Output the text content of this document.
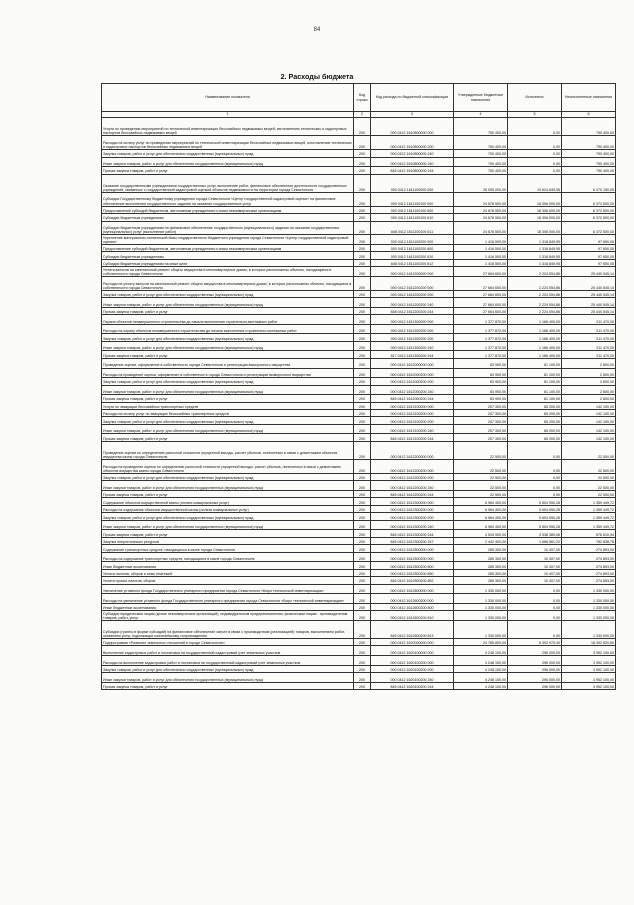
84
2. Расходы бюджета
Наименование показателя	Код строки	Код расхода по бюджетной классификации	Утвержденные бюджетные назначения	Исполнено	Неисполненные назначения
1	2	3	4	5	6
Услуги по проведению мероприятий по технической инвентаризации бесхозяйных недвижимых вещей, изготовлению технических и кадастровых паспортов бесхозяйных недвижимых вещей	200	000 0412 1610800000 000	750 400,00	0,00	750 400,00
Расходы на оплату услуг по проведению мероприятий по технической инвентаризации бесхозяйных недвижимых вещей, изготовлению технических и кадастровых паспортов бесхозяйных недвижимых вещей	200	000 0412 1610800000 200	750 400,00	0,00	750 400,00
Закупка товаров, работ и услуг для обеспечения государственных (муниципальных) нужд	200	000 0412 1610800000 240	750 400,00	0,00	750 400,00
Иные закупки товаров, работ и услуг для обеспечения государственных (муниципальных) нужд	200	000 0412 1610800000 240	750 400,00	0,00	750 400,00
Прочая закупка товаров, работ и услуг	200	845 0412 1610800000 244	750 400,00	0,00	750 400,00
Оказание государственными учреждениями государственных услуг, выполнение работ, финансовое обеспечение деятельности государственных учреждений, связанных с государственной кадастровой оценкой объектов недвижимости на территории города Севастополя	200	000 0412 1611100000 000	26 095 000,00	19 624 849,95	6 470 150,05
Субсидия Государственному бюджетному учреждению города Севастополя «Центр государственной кадастровой оценки» на финансовое обеспечение выполнения государственного задания на оказание государственных услуг	200	000 0412 1611100100 000	24 678 500,00	18 306 000,00	6 372 500,00
Предоставление субсидий бюджетным, автономным учреждениям и иным некоммерческим организациям	200	000 0412 1611100100 600	24 678 500,00	18 306 000,00	6 372 500,00
Субсидии бюджетным учреждениям	200	000 0412 1611100100 610	24 678 500,00	18 306 000,00	6 372 500,00
Субсидии бюджетным учреждениям на финансовое обеспечение государственного (муниципального) задания на оказание государственных (муниципальных) услуг (выполнение работ)	200	848 0412 1611100100 611	24 678 500,00	18 306 000,00	6 372 500,00
Укрепление материально-технической базы государственного бюджетного учреждения города Севастополя «Центр государственной кадастровой оценки»	200	000 0412 1611100200 000	1 416 500,00	1 318 849,95	97 650,05
Предоставление субсидий бюджетным, автономным учреждениям и иным некоммерческим организациям	200	000 0412 1611100200 600	1 416 500,00	1 318 849,95	97 650,05
Субсидии бюджетным учреждениям	200	000 0412 1611100200 610	1 416 500,00	1 318 849,95	97 650,05
Субсидии бюджетным учреждениям на иные цели	200	848 0412 1611100200 612	1 416 500,00	1 318 849,95	97 650,05
Уплата взносов на капитальный ремонт общего имущества в многоквартирных домах, в которых расположены объекты, находящиеся в собственности города Севастополя	200	000 0412 1611200000 000	27 664 600,00	2 224 054,86	25 440 545,14
Расходы на уплату взносов на капитальный ремонт общего имущества в многоквартирных домах, в которых расположены объекты, находящиеся в собственности города Севастополя	200	000 0412 1611200200 000	27 664 600,00	2 224 054,86	25 440 545,14
Закупка товаров, работ и услуг для обеспечения государственных (муниципальных) нужд	200	000 0412 1611200200 200	27 664 600,00	2 224 054,86	25 440 545,14
Иные закупки товаров, работ и услуг для обеспечения государственных (муниципальных) нужд	200	000 0412 1611200200 240	27 664 600,00	2 224 054,86	25 440 545,14
Прочая закупка товаров, работ и услуг	200	848 0412 1611200200 244	27 664 600,00	2 224 054,86	25 440 545,14
Охрана объектов незавершенного строительства до начала выполнения строительно-монтажных работ	200	000 0412 1611300000 000	1 377 870,00	1 166 400,00	211 470,00
Расходы на охрану объектов незавершенного строительства до начала выполнения строительно-монтажных работ	200	000 0412 1611300200 000	1 377 870,00	1 166 400,00	211 470,00
Закупка товаров, работ и услуг для обеспечения государственных (муниципальных) нужд	200	000 0412 1611300200 200	1 377 870,00	1 166 400,00	211 470,00
Иные закупки товаров, работ и услуг для обеспечения государственных (муниципальных) нужд	200	000 0412 1611300200 240	1 377 870,00	1 166 400,00	211 470,00
Прочая закупка товаров, работ и услуг	200	817 0412 1611300200 244	1 377 870,00	1 166 400,00	211 470,00
Проведение оценки, оформление в собственность города Севастополя и регистрация выморочного имущества	200	000 0412 1612000000 000	83 900,00	81 100,00	2 800,00
Расходы на проведение оценки, оформление в собственность города Севастополя и регистрацию выморочного имущества	200	000 0412 1612000200 000	83 900,00	81 100,00	2 800,00
Закупка товаров, работ и услуг для обеспечения государственных (муниципальных) нужд	200	000 0412 1612000200 200	83 900,00	81 100,00	2 800,00
Иные закупки товаров, работ и услуг для обеспечения государственных (муниципальных) нужд	200	000 0412 1612000200 240	83 900,00	81 100,00	2 800,00
Прочая закупка товаров, работ и услуг	200	845 0412 1612000200 244	83 900,00	81 100,00	2 800,00
Услуги по эвакуации бесхозяйных транспортных средств	200	000 0412 1612100000 000	207 300,00	65 200,00	142 100,00
Расходы на оплату услуг по эвакуации бесхозяйных транспортных средств	200	000 0412 1612100200 000	207 300,00	65 200,00	142 100,00
Закупка товаров, работ и услуг для обеспечения государственных (муниципальных) нужд	200	000 0412 1612100200 200	207 300,00	65 200,00	142 100,00
Иные закупки товаров, работ и услуг для обеспечения государственных (муниципальных) нужд	200	000 0412 1612100200 240	207 300,00	65 200,00	142 100,00
Прочая закупка товаров, работ и услуг	200	845 0412 1612100200 244	207 300,00	65 200,00	142 100,00
Проведение оценки по определению рыночной стоимости упущенной выгоды, расчет убытков, понесенных в связи с демонтажем объектов имущества казны города Севастополя	200	000 0412 1612200000 000	22 500,00	0,00	22 500,00
Расходы на проведение оценки по определению рыночной стоимости упущенной выгоды, расчет убытков, понесенных в связи с демонтажем объектов имущества казны города Севастополя	200	000 0412 1612200200 000	22 500,00	0,00	22 500,00
Закупка товаров, работ и услуг для обеспечения государственных (муниципальных) нужд	200	000 0412 1612200200 200	22 500,00	0,00	22 500,00
Иные закупки товаров, работ и услуг для обеспечения государственных (муниципальных) нужд	200	000 0412 1612200200 240	22 500,00	0,00	22 500,00
Прочая закупка товаров, работ и услуг	200	845 0412 1612200200 244	22 500,00	0,00	22 500,00
Содержание объектов имущественной казны (оплата коммунальных услуг)	200	000 0412 1612300000 000	6 964 400,00	5 604 950,28	1 359 449,72
Расходы на содержание объектов имущественной казны (оплата коммунальных услуг)	200	000 0412 1612300200 000	6 964 400,00	5 604 950,28	1 359 449,72
Закупка товаров, работ и услуг для обеспечения государственных (муниципальных) нужд	200	000 0412 1612300200 200	6 964 400,00	5 604 950,28	1 359 449,72
Иные закупки товаров, работ и услуг для обеспечения государственных (муниципальных) нужд	200	000 0412 1612300200 240	6 964 400,00	5 604 950,28	1 359 449,72
Прочая закупка товаров, работ и услуг	200	845 0412 1612300200 244	4 515 900,00	3 938 389,06	576 610,94
Закупка энергетических ресурсов	200	845 0412 1612300200 247	2 442 400,00	1 666 561,22	782 838,78
Содержание транспортных средств, находящихся в казне города Севастополя	200	000 0412 1612500000 000	285 300,00	10 407,00	274 893,00
Расходы на содержание транспортных средств, находящихся в казне города Севастополя	200	000 0412 1612500200 000	285 300,00	10 407,00	274 893,00
Иные бюджетные ассигнования	200	000 0412 1612500200 800	285 300,00	10 407,00	274 893,00
Уплата налогов, сборов и иных платежей	200	000 0412 1612500200 850	285 300,00	10 407,00	274 893,00
Уплата прочих налогов, сборов	200	845 0412 1612500200 852	285 300,00	10 407,00	274 893,00
Увеличение уставного фонда Государственного унитарного предприятия города Севастополя «Бюро технической инвентаризации»	200	000 0412 1612600000 000	1 330 000,00	0,00	1 330 000,00
Расходы на увеличение уставного фонда Государственного унитарного предприятия города Севастополя «Бюро технической инвентаризации»	200	000 0412 1612600200 000	1 330 000,00	0,00	1 330 000,00
Иные бюджетные ассигнования	200	000 0412 1612600200 800	1 330 000,00	0,00	1 330 000,00
Субсидии юридическим лицам (кроме некоммерческих организаций), индивидуальным предпринимателям, физическим лицам - производителям товаров, работ, услуг	200	000 0412 1612600200 810	1 330 000,00	0,00	1 330 000,00
Субсидии (гранты в форме субсидий) на финансовое обеспечение затрат в связи с производством (реализацией) товаров, выполнением работ, оказанием услуг, подлежащие казначейскому сопровождению	200	845 0412 1612600200 813	1 330 000,00	0,00	1 330 000,00
Подпрограмма «Развитие земельных отношений в городе Севастополе»	200	000 0412 1620000000 000	24 785 800,00	6 392 979,40	18 392 820,60
Выполнение кадастровых работ и постановка на государственный кадастровый учет земельных участков	200	000 0412 1620100000 000	4 248 100,00	296 000,00	3 952 100,00
Расходы на выполнение кадастровых работ и постановка на государственный кадастровый учет земельных участков	200	000 0412 1620100200 000	4 248 100,00	296 000,00	3 952 100,00
Закупка товаров, работ и услуг для обеспечения государственных (муниципальных) нужд	200	000 0412 1620100200 200	4 248 100,00	296 000,00	3 952 100,00
Иные закупки товаров, работ и услуг для обеспечения государственных (муниципальных) нужд	200	000 0412 1620100200 240	4 248 100,00	296 000,00	3 952 100,00
Прочая закупка товаров, работ и услуг	200	845 0412 1620100200 244	4 248 100,00	296 000,00	3 952 100,00
